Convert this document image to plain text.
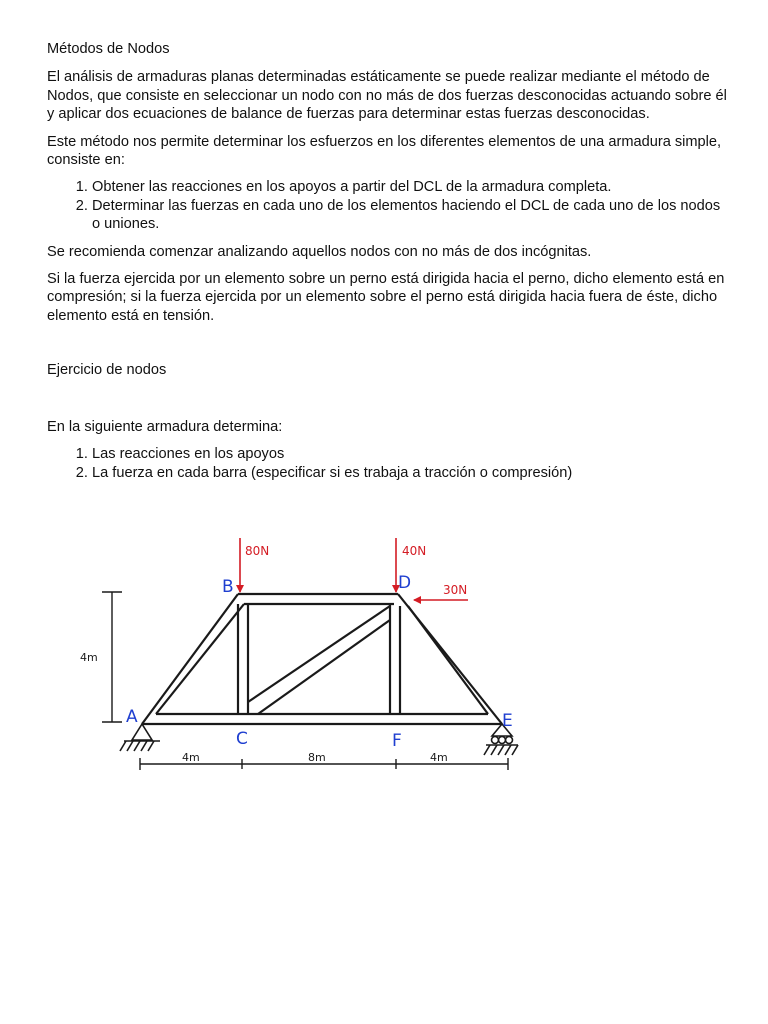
Métodos de Nodos

El análisis de armaduras planas determinadas estáticamente se puede realizar mediante el método de Nodos, que consiste en seleccionar un nodo con no más de dos fuerzas desconocidas actuando sobre él y aplicar dos ecuaciones de balance de fuerzas para determinar estas fuerzas desconocidas.

Este método nos permite determinar los esfuerzos en los diferentes elementos de una armadura simple, consiste en:

1. Obtener las reacciones en los apoyos a partir del DCL de la armadura completa.
2. Determinar las fuerzas en cada uno de los elementos haciendo el DCL de cada uno de los nodos o uniones.

Se recomienda comenzar analizando aquellos nodos con no más de dos incógnitas.

Si la fuerza ejercida por un elemento sobre un perno está dirigida hacia el perno, dicho elemento está en compresión; si la fuerza ejercida por un elemento sobre el perno está dirigida hacia fuera de éste, dicho elemento está en tensión.

Ejercicio de nodos

En la siguiente armadura determina:

1. Las reacciones en los apoyos
2. La fuerza en cada barra (especificar si es trabaja a tracción o compresión)
4m
4m	8m	4m
80N	40N
30N
B	D
A
C	F
E
